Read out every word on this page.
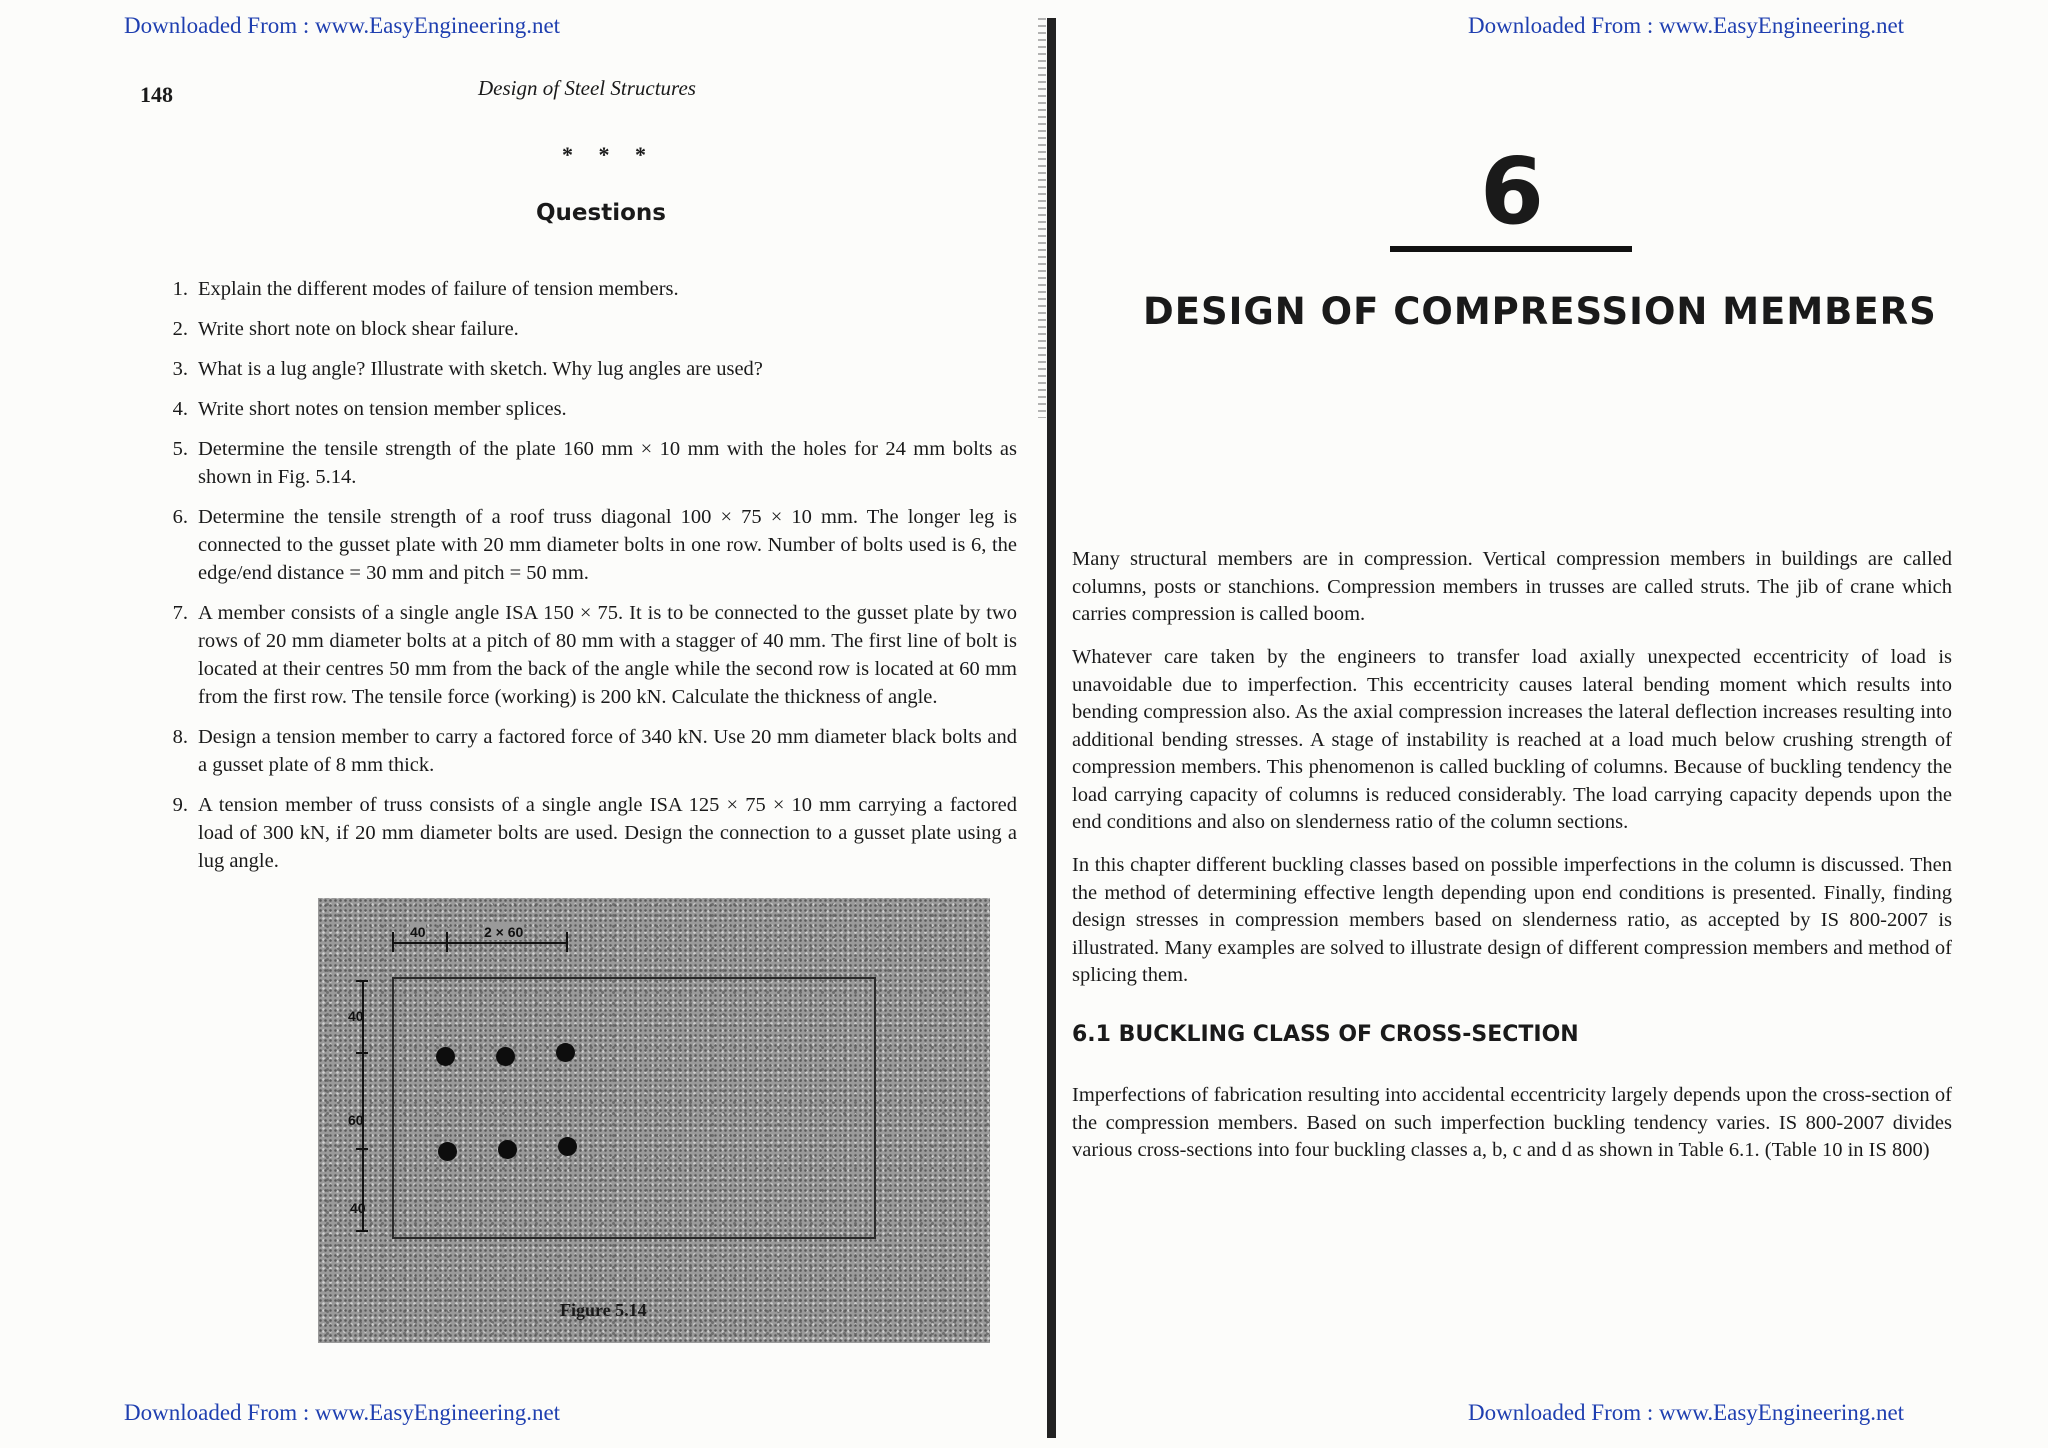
Downloaded From : www.EasyEngineering.net	Downloaded From : www.EasyEngineering.net
Downloaded From : www.EasyEngineering.net	Downloaded From : www.EasyEngineering.net
148	Design of Steel Structures
* * *
Questions
1. Explain the different modes of failure of tension members.
2. Write short note on block shear failure.
3. What is a lug angle? Illustrate with sketch. Why lug angles are used?
4. Write short notes on tension member splices.
5. Determine the tensile strength of the plate 160 mm × 10 mm with the holes for 24 mm bolts as shown in Fig. 5.14.
6. Determine the tensile strength of a roof truss diagonal 100 × 75 × 10 mm. The longer leg is connected to the gusset plate with 20 mm diameter bolts in one row. Number of bolts used is 6, the edge/end distance = 30 mm and pitch = 50 mm.
7. A member consists of a single angle ISA 150 × 75. It is to be connected to the gusset plate by two rows of 20 mm diameter bolts at a pitch of 80 mm with a stagger of 40 mm. The first line of bolt is located at their centres 50 mm from the back of the angle while the second row is located at 60 mm from the first row. The tensile force (working) is 200 kN. Calculate the thickness of angle.
8. Design a tension member to carry a factored force of 340 kN. Use 20 mm diameter black bolts and a gusset plate of 8 mm thick.
9. A tension member of truss consists of a single angle ISA 125 × 75 × 10 mm carrying a factored load of 300 kN, if 20 mm diameter bolts are used. Design the connection to a gusset plate using a lug angle.
40	2 × 60
40
60
40
Figure 5.14
6
DESIGN OF COMPRESSION MEMBERS

Many structural members are in compression. Vertical compression members in buildings are called columns, posts or stanchions. Compression members in trusses are called struts. The jib of crane which carries compression is called boom.

Whatever care taken by the engineers to transfer load axially unexpected eccentricity of load is unavoidable due to imperfection. This eccentricity causes lateral bending moment which results into bending compression also. As the axial compression increases the lateral deflection increases resulting into additional bending stresses. A stage of instability is reached at a load much below crushing strength of compression members. This phenomenon is called buckling of columns. Because of buckling tendency the load carrying capacity of columns is reduced considerably. The load carrying capacity depends upon the end conditions and also on slenderness ratio of the column sections.

In this chapter different buckling classes based on possible imperfections in the column is discussed. Then the method of determining effective length depending upon end conditions is presented. Finally, finding design stresses in compression members based on slenderness ratio, as accepted by IS 800-2007 is illustrated. Many examples are solved to illustrate design of different compression members and method of splicing them.

6.1 BUCKLING CLASS OF CROSS-SECTION

Imperfections of fabrication resulting into accidental eccentricity largely depends upon the cross-section of the compression members. Based on such imperfection buckling tendency varies. IS 800-2007 divides various cross-sections into four buckling classes a, b, c and d as shown in Table 6.1. (Table 10 in IS 800)
